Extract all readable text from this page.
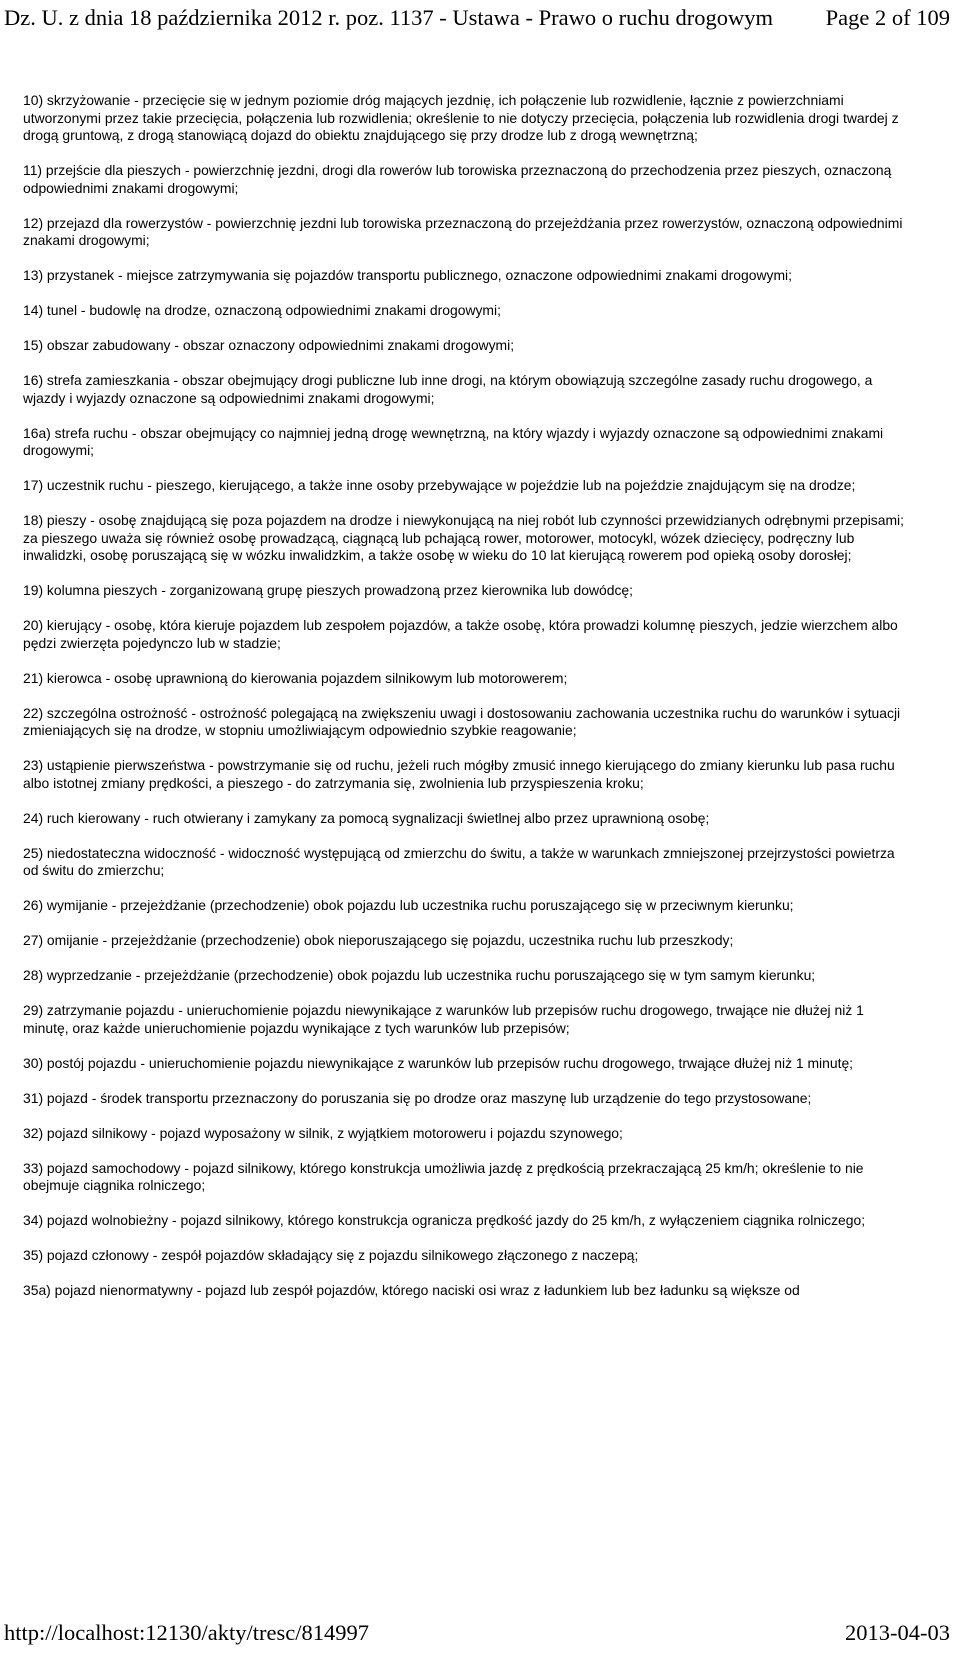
Dz. U. z dnia 18 października 2012 r. poz. 1137 - Ustawa - Prawo o ruchu drogowym Page 2 of 109

10) skrzyżowanie - przecięcie się w jednym poziomie dróg mających jezdnię, ich połączenie lub rozwidlenie, łącznie z powierzchniami utworzonymi przez takie przecięcia, połączenia lub rozwidlenia; określenie to nie dotyczy przecięcia, połączenia lub rozwidlenia drogi twardej z drogą gruntową, z drogą stanowiącą dojazd do obiektu znajdującego się przy drodze lub z drogą wewnętrzną;

11) przejście dla pieszych - powierzchnię jezdni, drogi dla rowerów lub torowiska przeznaczoną do przechodzenia przez pieszych, oznaczoną odpowiednimi znakami drogowymi;

12) przejazd dla rowerzystów - powierzchnię jezdni lub torowiska przeznaczoną do przejeżdżania przez rowerzystów, oznaczoną odpowiednimi znakami drogowymi;

13) przystanek - miejsce zatrzymywania się pojazdów transportu publicznego, oznaczone odpowiednimi znakami drogowymi;

14) tunel - budowlę na drodze, oznaczoną odpowiednimi znakami drogowymi;

15) obszar zabudowany - obszar oznaczony odpowiednimi znakami drogowymi;

16) strefa zamieszkania - obszar obejmujący drogi publiczne lub inne drogi, na którym obowiązują szczególne zasady ruchu drogowego, a wjazdy i wyjazdy oznaczone są odpowiednimi znakami drogowymi;

16a) strefa ruchu - obszar obejmujący co najmniej jedną drogę wewnętrzną, na który wjazdy i wyjazdy oznaczone są odpowiednimi znakami drogowymi;

17) uczestnik ruchu - pieszego, kierującego, a także inne osoby przebywające w pojeździe lub na pojeździe znajdującym się na drodze;

18) pieszy - osobę znajdującą się poza pojazdem na drodze i niewykonującą na niej robót lub czynności przewidzianych odrębnymi przepisami; za pieszego uważa się również osobę prowadzącą, ciągnącą lub pchającą rower, motorower, motocykl, wózek dziecięcy, podręczny lub inwalidzki, osobę poruszającą się w wózku inwalidzkim, a także osobę w wieku do 10 lat kierującą rowerem pod opieką osoby dorosłej;

19) kolumna pieszych - zorganizowaną grupę pieszych prowadzoną przez kierownika lub dowódcę;

20) kierujący - osobę, która kieruje pojazdem lub zespołem pojazdów, a także osobę, która prowadzi kolumnę pieszych, jedzie wierzchem albo pędzi zwierzęta pojedynczo lub w stadzie;

21) kierowca - osobę uprawnioną do kierowania pojazdem silnikowym lub motorowerem;

22) szczególna ostrożność - ostrożność polegającą na zwiększeniu uwagi i dostosowaniu zachowania uczestnika ruchu do warunków i sytuacji zmieniających się na drodze, w stopniu umożliwiającym odpowiednio szybkie reagowanie;

23) ustąpienie pierwszeństwa - powstrzymanie się od ruchu, jeżeli ruch mógłby zmusić innego kierującego do zmiany kierunku lub pasa ruchu albo istotnej zmiany prędkości, a pieszego - do zatrzymania się, zwolnienia lub przyspieszenia kroku;

24) ruch kierowany - ruch otwierany i zamykany za pomocą sygnalizacji świetlnej albo przez uprawnioną osobę;

25) niedostateczna widoczność - widoczność występującą od zmierzchu do świtu, a także w warunkach zmniejszonej przejrzystości powietrza od świtu do zmierzchu;

26) wymijanie - przejeżdżanie (przechodzenie) obok pojazdu lub uczestnika ruchu poruszającego się w przeciwnym kierunku;

27) omijanie - przejeżdżanie (przechodzenie) obok nieporuszającego się pojazdu, uczestnika ruchu lub przeszkody;

28) wyprzedzanie - przejeżdżanie (przechodzenie) obok pojazdu lub uczestnika ruchu poruszającego się w tym samym kierunku;

29) zatrzymanie pojazdu - unieruchomienie pojazdu niewynikające z warunków lub przepisów ruchu drogowego, trwające nie dłużej niż 1 minutę, oraz każde unieruchomienie pojazdu wynikające z tych warunków lub przepisów;

30) postój pojazdu - unieruchomienie pojazdu niewynikające z warunków lub przepisów ruchu drogowego, trwające dłużej niż 1 minutę;

31) pojazd - środek transportu przeznaczony do poruszania się po drodze oraz maszynę lub urządzenie do tego przystosowane;

32) pojazd silnikowy - pojazd wyposażony w silnik, z wyjątkiem motoroweru i pojazdu szynowego;

33) pojazd samochodowy - pojazd silnikowy, którego konstrukcja umożliwia jazdę z prędkością przekraczającą 25 km/h; określenie to nie obejmuje ciągnika rolniczego;

34) pojazd wolnobieżny - pojazd silnikowy, którego konstrukcja ogranicza prędkość jazdy do 25 km/h, z wyłączeniem ciągnika rolniczego;

35) pojazd członowy - zespół pojazdów składający się z pojazdu silnikowego złączonego z naczepą;

35a) pojazd nienormatywny - pojazd lub zespół pojazdów, którego naciski osi wraz z ładunkiem lub bez ładunku są większe od

http://localhost:12130/akty/tresc/814997	2013-04-03
